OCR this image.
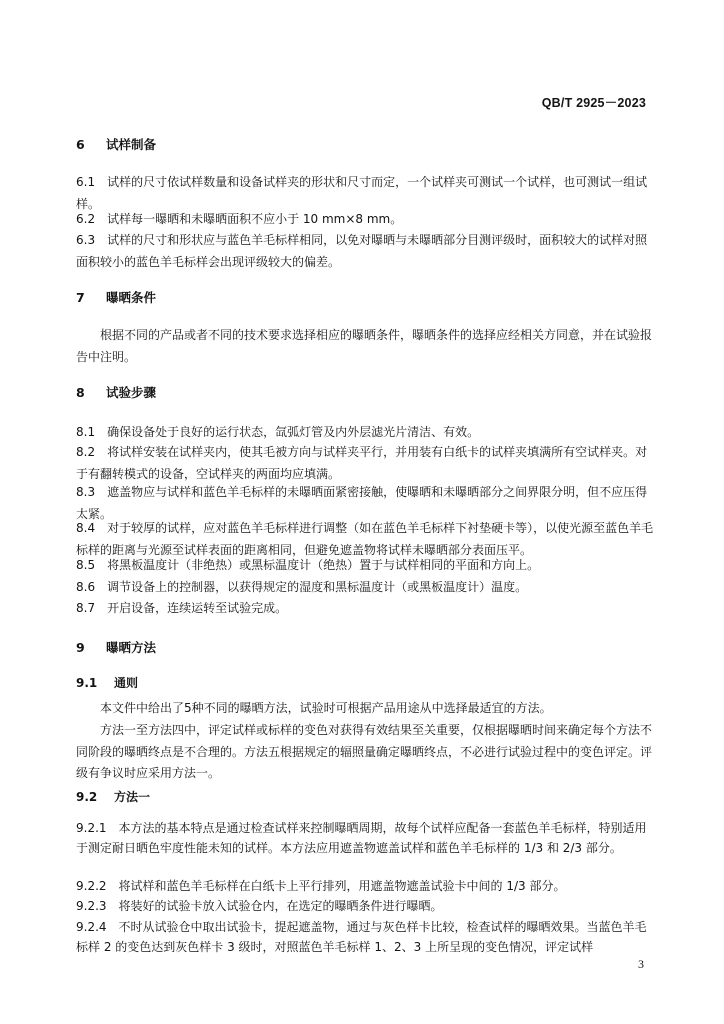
QB/T 2925－2023
6 试样制备
6.1　试样的尺寸依试样数量和设备试样夹的形状和尺寸而定，一个试样夹可测试一个试样，也可测试一组试样。
6.2　试样每一曝晒和未曝晒面积不应小于 10 mm×8 mm。
6.3　试样的尺寸和形状应与蓝色羊毛标样相同，以免对曝晒与未曝晒部分目测评级时，面积较大的试样对照面积较小的蓝色羊毛标样会出现评级较大的偏差。
7 曝晒条件
根据不同的产品或者不同的技术要求选择相应的曝晒条件，曝晒条件的选择应经相关方同意，并在试验报告中注明。
8 试验步骤
8.1　确保设备处于良好的运行状态，氙弧灯管及内外层滤光片清洁、有效。
8.2　将试样安装在试样夹内，使其毛被方向与试样夹平行，并用装有白纸卡的试样夹填满所有空试样夹。对于有翻转模式的设备，空试样夹的两面均应填满。
8.3　遮盖物应与试样和蓝色羊毛标样的未曝晒面紧密接触，使曝晒和未曝晒部分之间界限分明，但不应压得太紧。
8.4　对于较厚的试样，应对蓝色羊毛标样进行调整（如在蓝色羊毛标样下衬垫硬卡等），以使光源至蓝色羊毛标样的距离与光源至试样表面的距离相同，但避免遮盖物将试样未曝晒部分表面压平。
8.5　将黑板温度计（非绝热）或黑标温度计（绝热）置于与试样相同的平面和方向上。
8.6　调节设备上的控制器，以获得规定的湿度和黑标温度计（或黑板温度计）温度。
8.7　开启设备，连续运转至试验完成。
9 曝晒方法
9.1 通则
本文件中给出了5种不同的曝晒方法，试验时可根据产品用途从中选择最适宜的方法。
方法一至方法四中，评定试样或标样的变色对获得有效结果至关重要，仅根据曝晒时间来确定每个方法不同阶段的曝晒终点是不合理的。方法五根据规定的辐照量确定曝晒终点，不必进行试验过程中的变色评定。评级有争议时应采用方法一。
9.2 方法一
9.2.1　本方法的基本特点是通过检查试样来控制曝晒周期，故每个试样应配备一套蓝色羊毛标样，特别适用于测定耐日晒色牢度性能未知的试样。本方法应用遮盖物遮盖试样和蓝色羊毛标样的 1/3 和 2/3 部分。
9.2.2　将试样和蓝色羊毛标样在白纸卡上平行排列，用遮盖物遮盖试验卡中间的 1/3 部分。
9.2.3　将装好的试验卡放入试验仓内，在选定的曝晒条件进行曝晒。
9.2.4　不时从试验仓中取出试验卡，提起遮盖物，通过与灰色样卡比较，检查试样的曝晒效果。当蓝色羊毛标样 2 的变色达到灰色样卡 3 级时，对照蓝色羊毛标样 1、2、3 上所呈现的变色情况，评定试样
3
